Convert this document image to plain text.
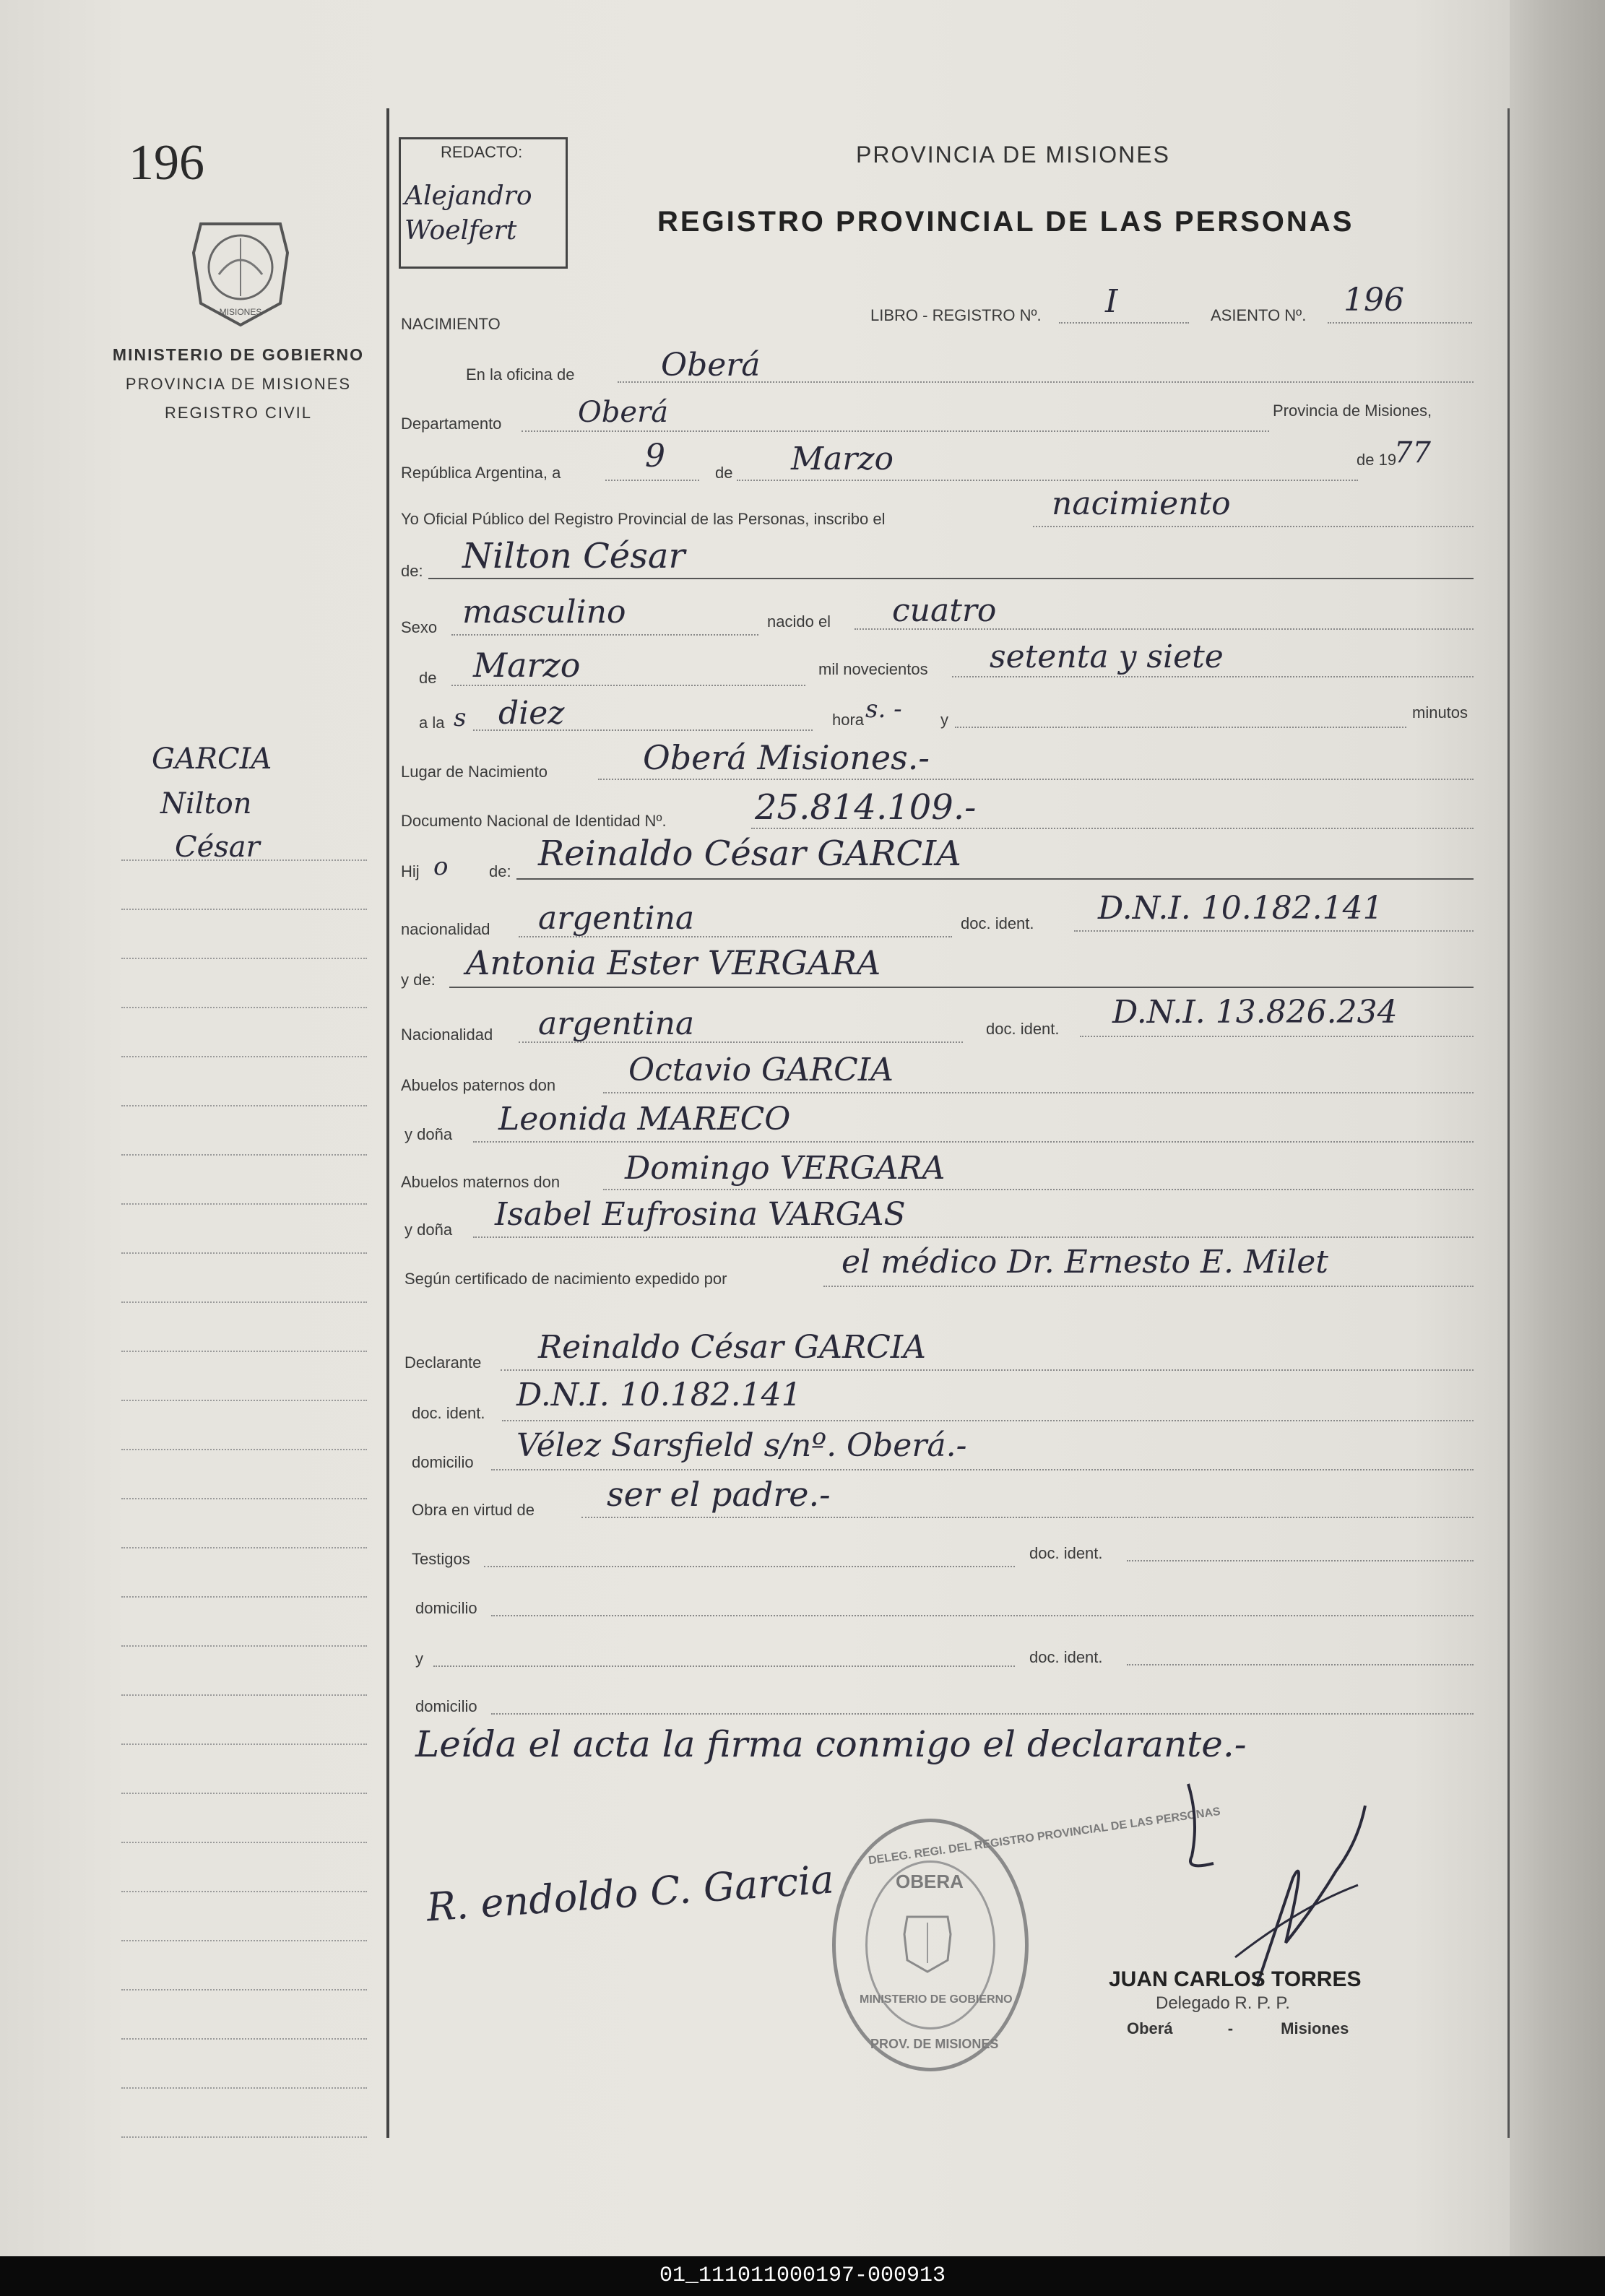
196
MISIONES
MINISTERIO DE GOBIERNO
PROVINCIA DE MISIONES
REGISTRO CIVIL
GARCIA
Nilton
César
REDACTO:
Alejandro
Woelfert
PROVINCIA DE MISIONES
REGISTRO PROVINCIAL DE LAS PERSONAS
NACIMIENTO	LIBRO - REGISTRO Nº. I	ASIENTO Nº. 196
En la oficina de	Oberá
Departamento	Oberá	Provincia de Misiones,
República Argentina, a	9	de Marzo	de 19
77
Yo Oficial Público del Registro Provincial de las Personas, inscribo el	nacimiento
de: Nilton César
Sexo masculino	nacido el cuatro
de Marzo	mil novecientos setenta y siete
a la s diez	hora s. - y	minutos
Lugar de Nacimiento	Oberá Misiones.-
Documento Nacional de Identidad Nº.	25.814.109.-
Hij o	de: Reinaldo César GARCIA
nacionalidad argentina	doc. ident. D.N.I. 10.182.141
y de: Antonia Ester VERGARA
Nacionalidad argentina	doc. ident. D.N.I. 13.826.234
Abuelos paternos don Octavio GARCIA
y doña Leonida MARECO
Abuelos maternos don Domingo VERGARA
y doña Isabel Eufrosina VARGAS
Según certificado de nacimiento expedido por	el médico Dr. Ernesto E. Milet
Declarante Reinaldo César GARCIA
doc. ident. D.N.I. 10.182.141
domicilio Vélez Sarsfield s/nº. Oberá.-
Obra en virtud de ser el padre.-
Testigos	doc. ident.
domicilio
y	doc. ident.
domicilio
Leída el acta la firma conmigo el declarante.-
R. endoldo C. Garcia
DELEG. REGI. DEL REGISTRO PROVINCIAL DE LAS PERSONAS
OBERA
MINISTERIO DE GOBIERNO
PROV. DE MISIONES
JUAN CARLOS TORRES
Delegado R. P. P.
Oberá	-	Misiones
01_111011000197-000913
